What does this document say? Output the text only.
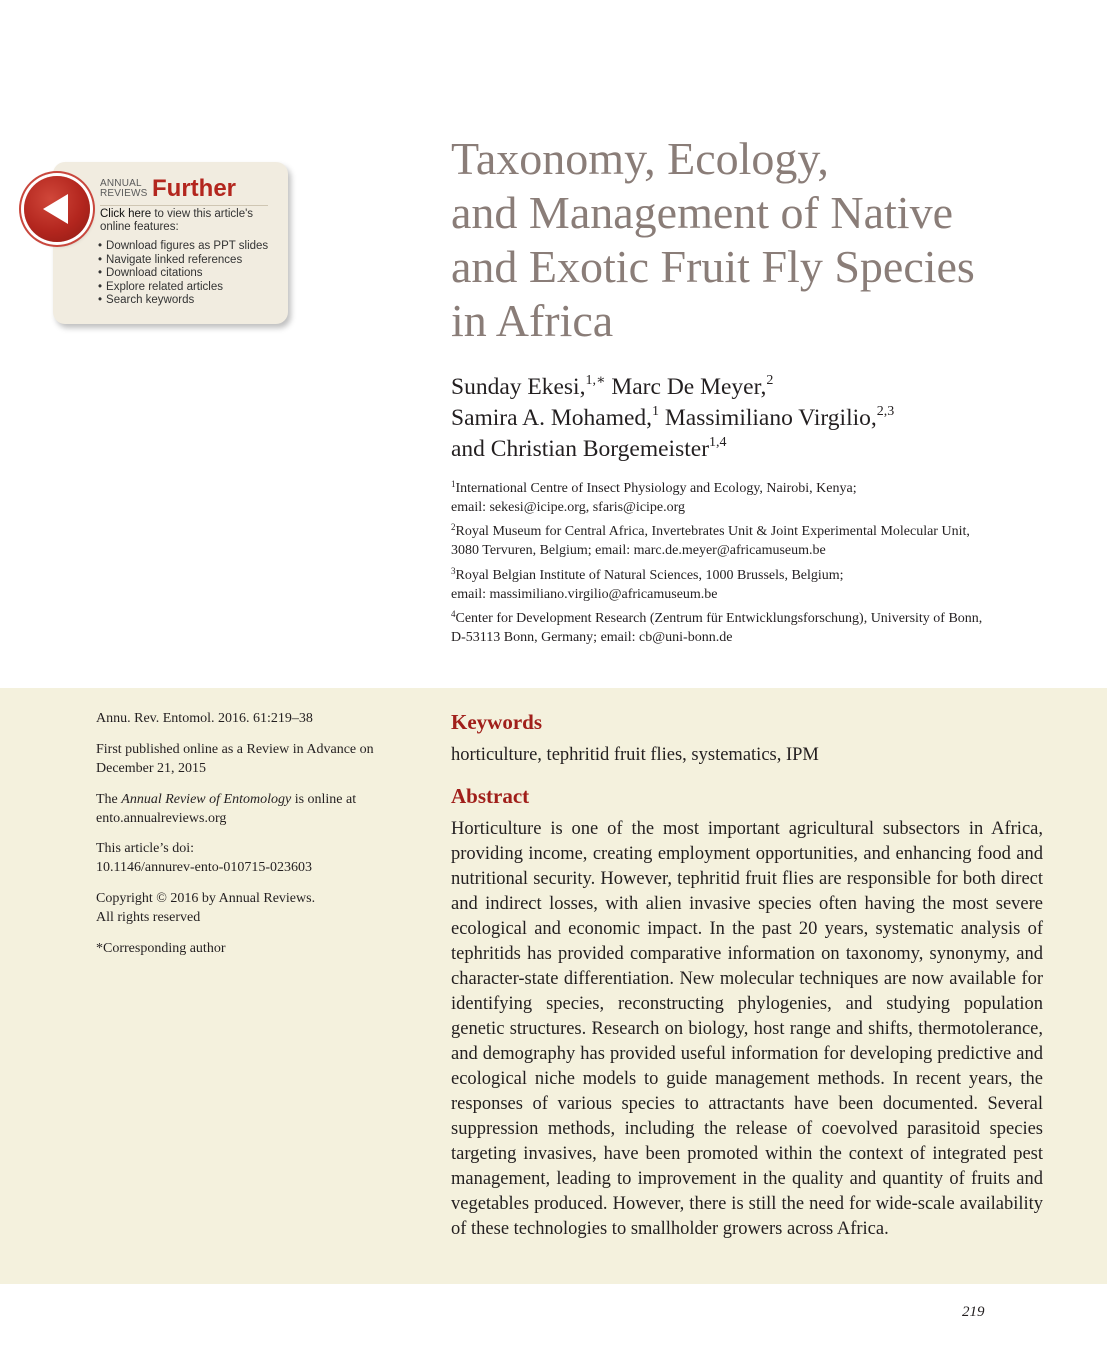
ANNUAL
REVIEWS Further
Click here to view this article's online features:
• Download figures as PPT slides
• Navigate linked references
• Download citations
• Explore related articles
• Search keywords
Taxonomy, Ecology,
and Management of Native
and Exotic Fruit Fly Species
in Africa
Sunday Ekesi,$^{1,∗}$ Marc De Meyer,$^2$
Samira A. Mohamed,$^1$ Massimiliano Virgilio,$^{2,3}$
and Christian Borgemeister$^{1,4}$
$^1$International Centre of Insect Physiology and Ecology, Nairobi, Kenya;
email: sekesi@icipe.org, sfaris@icipe.org
$^2$Royal Museum for Central Africa, Invertebrates Unit & Joint Experimental Molecular Unit,
3080 Tervuren, Belgium; email: marc.de.meyer@africamuseum.be
$^3$Royal Belgian Institute of Natural Sciences, 1000 Brussels, Belgium;
email: massimiliano.virgilio@africamuseum.be
$^4$Center for Development Research (Zentrum für Entwicklungsforschung), University of Bonn,
D-53113 Bonn, Germany; email: cb@uni-bonn.de
Annu. Rev. Entomol. 2016. 61:219–38
First published online as a Review in Advance on
December 21, 2015
The Annual Review of Entomology is online at
ento.annualreviews.org
This article’s doi:
10.1146/annurev-ento-010715-023603
Copyright © 2016 by Annual Reviews.
All rights reserved
*Corresponding author
Keywords
horticulture, tephritid fruit flies, systematics, IPM
Abstract
Horticulture is one of the most important agricultural subsectors in Africa, providing income, creating employment opportunities, and enhancing food and nutritional security. However, tephritid fruit flies are responsible for both direct and indirect losses, with alien invasive species often having the most severe ecological and economic impact. In the past 20 years, systematic analysis of tephritids has provided comparative information on taxonomy, synonymy, and character-state differentiation. New molecular techniques are now available for identifying species, reconstructing phylogenies, and studying population genetic structures. Research on biology, host range and shifts, thermotolerance, and demography has provided useful information for developing predictive and ecological niche models to guide management methods. In recent years, the responses of various species to attractants have been documented. Several suppression methods, including the release of coevolved parasitoid species targeting invasives, have been promoted within the context of integrated pest management, leading to improvement in the quality and quantity of fruits and vegetables produced. However, there is still the need for wide-scale availability of these technologies to smallholder growers across Africa.
219
